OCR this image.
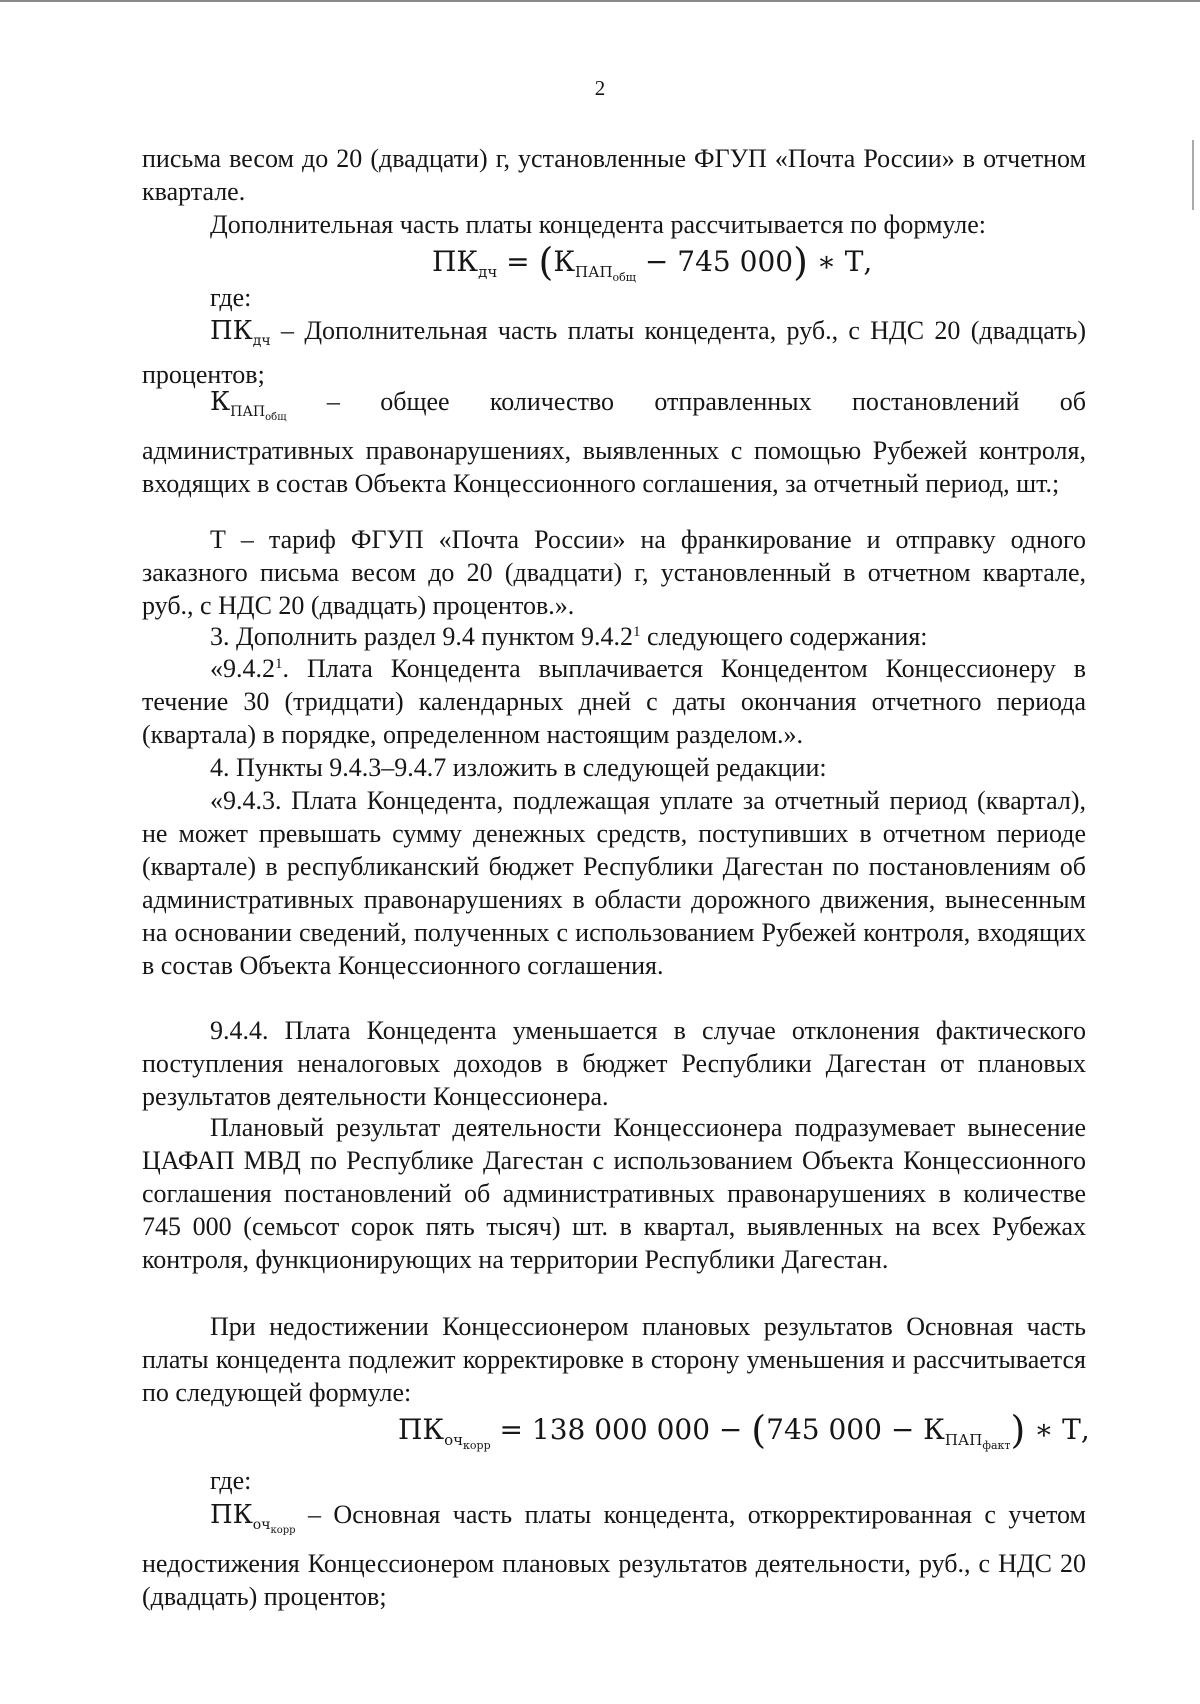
2

письма весом до 20 (двадцати) г, установленные ФГУП «Почта России» в отчетном квартале.

Дополнительная часть платы концедента рассчитывается по формуле:

$ПК_{дч} = (К_{ПАП_{общ}} - 745$ 000) ∗ Т,
где:

$ПК_{дч}$ – Дополнительная часть платы концедента, руб., с НДС 20 (двадцать) процентов;

$К_{ПАП_{общ}}$ – общее количество отправленных постановлений об административных правонарушениях, выявленных с помощью Рубежей контроля, входящих в состав Объекта Концессионного соглашения, за отчетный период, шт.;

Т – тариф ФГУП «Почта России» на франкирование и отправку одного заказного письма весом до 20 (двадцати) г, установленный в отчетном квартале, руб., с НДС 20 (двадцать) процентов.».

3. Дополнить раздел 9.4 пунктом 9.4.2$^1$ следующего содержания:

«9.4.2$^1$. Плата Концедента выплачивается Концедентом Концессионеру в течение 30 (тридцати) календарных дней с даты окончания отчетного периода (квартала) в порядке, определенном настоящим разделом.».

4. Пункты 9.4.3–9.4.7 изложить в следующей редакции:

«9.4.3. Плата Концедента, подлежащая уплате за отчетный период (квартал), не может превышать сумму денежных средств, поступивших в отчетном периоде (квартале) в республиканский бюджет Республики Дагестан по постановлениям об административных правонарушениях в области дорожного движения, вынесенным на основании сведений, полученных с использованием Рубежей контроля, входящих в состав Объекта Концессионного соглашения.

9.4.4. Плата Концедента уменьшается в случае отклонения фактического поступления неналоговых доходов в бюджет Республики Дагестан от плановых результатов деятельности Концессионера.

Плановый результат деятельности Концессионера подразумевает вынесение ЦАФАП МВД по Республике Дагестан с использованием Объекта Концессионного соглашения постановлений об административных правонарушениях в количестве 745 000 (семьсот сорок пять тысяч) шт. в квартал, выявленных на всех Рубежах контроля, функционирующих на территории Республики Дагестан.

При недостижении Концессионером плановых результатов Основная часть платы концедента подлежит корректировке в сторону уменьшения и рассчитывается по следующей формуле:

$ПК_{оч_{корр}} = 138$ 000 000 − (745 $000 - К_{ПАП_{факт}}$) ∗ Т,
где:

$ПК_{оч_{корр}}$ – Основная часть платы концедента, откорректированная с учетом недостижения Концессионером плановых результатов деятельности, руб., с НДС 20 (двадцать) процентов;
